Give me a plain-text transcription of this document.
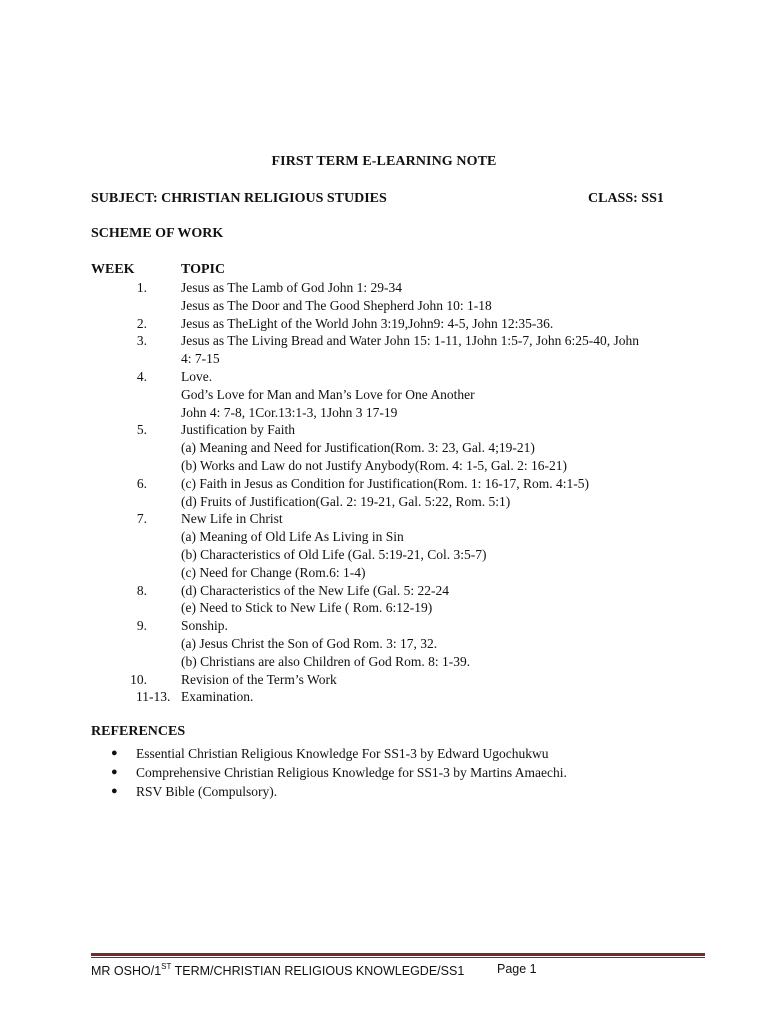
FIRST TERM E-LEARNING NOTE
SUBJECT: CHRISTIAN RELIGIOUS STUDIES	CLASS: SS1
SCHEME OF WORK
WEEK	TOPIC
1.	Jesus as The Lamb of God John 1: 29-34
Jesus as The Door and The Good Shepherd John 10: 1-18
2.	Jesus as TheLight of the World John 3:19,John9: 4-5, John 12:35-36.
3.	Jesus as The Living Bread and Water John 15: 1-11, 1John 1:5-7, John 6:25-40, John
4: 7-15
4.	Love.
God’s Love for Man and Man’s Love for One Another
John 4: 7-8, 1Cor.13:1-3, 1John 3 17-19
5.	Justification by Faith
(a) Meaning and Need for Justification(Rom. 3: 23, Gal. 4;19-21)
(b) Works and Law do not Justify Anybody(Rom. 4: 1-5, Gal. 2: 16-21)
6.	(c) Faith in Jesus as Condition for Justification(Rom. 1: 16-17, Rom. 4:1-5)
(d) Fruits of Justification(Gal. 2: 19-21, Gal. 5:22, Rom. 5:1)
7.	New Life in Christ
(a) Meaning of Old Life As Living in Sin
(b) Characteristics of Old Life (Gal. 5:19-21, Col. 3:5-7)
(c) Need for Change (Rom.6: 1-4)
8.	(d) Characteristics of the New Life (Gal. 5: 22-24
(e) Need to Stick to New Life ( Rom. 6:12-19)
9.	Sonship.
(a) Jesus Christ the Son of God Rom. 3: 17, 32.
(b) Christians are also Children of God Rom. 8: 1-39.
10.	Revision of the Term’s Work
11-13. Examination.
REFERENCES
● Essential Christian Religious Knowledge For SS1-3 by Edward Ugochukwu
● Comprehensive Christian Religious Knowledge for SS1-3 by Martins Amaechi.
● RSV Bible (Compulsory).
MR OSHO/1ST TERM/CHRISTIAN RELIGIOUS KNOWLEGDE/SS1	Page 1
